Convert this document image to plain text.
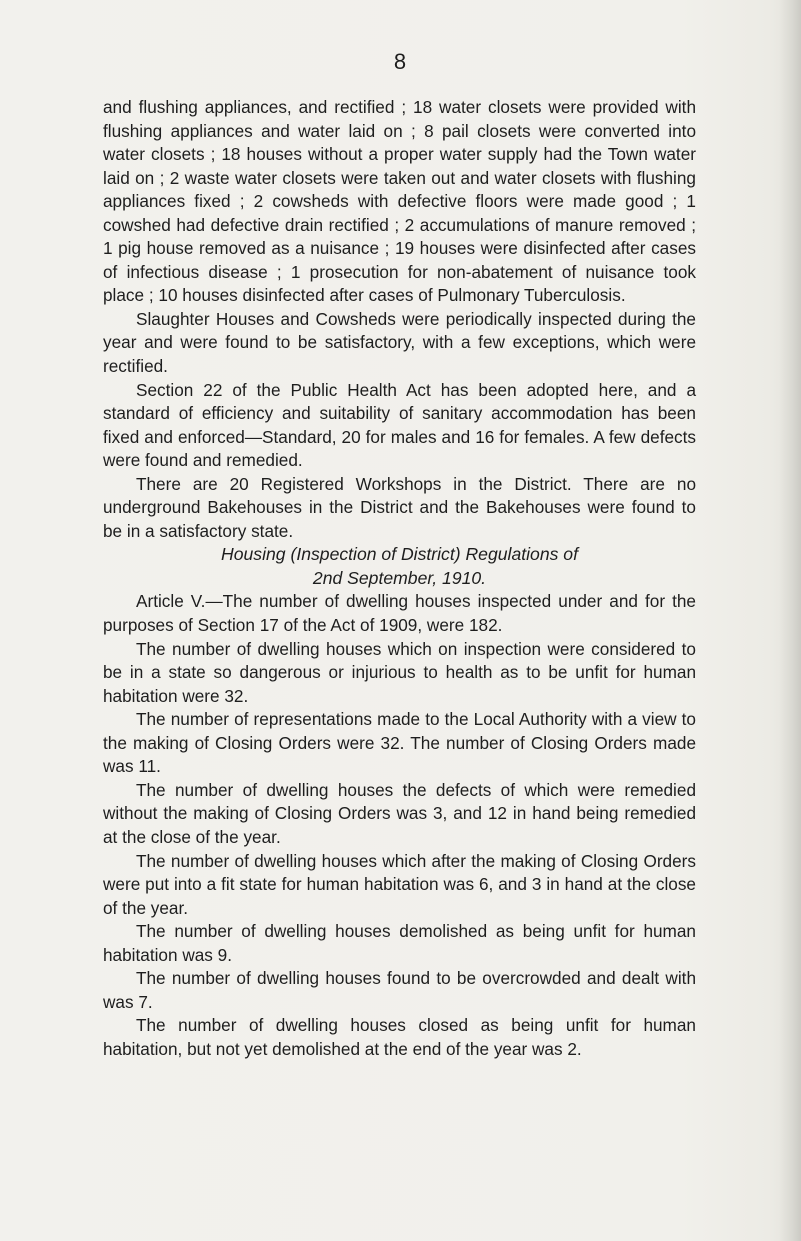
8

and flushing appliances, and rectified ; 18 water closets were provided with flushing appliances and water laid on ; 8 pail closets were converted into water closets ; 18 houses without a proper water supply had the Town water laid on ; 2 waste water closets were taken out and water closets with flushing appliances fixed ; 2 cowsheds with defective floors were made good ; 1 cowshed had defective drain rectified ; 2 accumulations of manure removed ; 1 pig house removed as a nuisance ; 19 houses were disinfected after cases of infectious disease ; 1 prosecution for non-abatement of nuisance took place ; 10 houses disinfected after cases of Pulmonary Tuberculosis.

Slaughter Houses and Cowsheds were periodically inspected during the year and were found to be satisfactory, with a few exceptions, which were rectified.

Section 22 of the Public Health Act has been adopted here, and a standard of efficiency and suitability of sanitary accommodation has been fixed and enforced—Standard, 20 for males and 16 for females. A few defects were found and remedied.

There are 20 Registered Workshops in the District. There are no underground Bakehouses in the District and the Bakehouses were found to be in a satisfactory state.

Housing (Inspection of District) Regulations of
2nd September, 1910.

Article V.—The number of dwelling houses inspected under and for the purposes of Section 17 of the Act of 1909, were 182.

The number of dwelling houses which on inspection were considered to be in a state so dangerous or injurious to health as to be unfit for human habitation were 32.

The number of representations made to the Local Authority with a view to the making of Closing Orders were 32. The number of Closing Orders made was 11.

The number of dwelling houses the defects of which were remedied without the making of Closing Orders was 3, and 12 in hand being remedied at the close of the year.

The number of dwelling houses which after the making of Closing Orders were put into a fit state for human habitation was 6, and 3 in hand at the close of the year.

The number of dwelling houses demolished as being unfit for human habitation was 9.

The number of dwelling houses found to be overcrowded and dealt with was 7.

The number of dwelling houses closed as being unfit for human habitation, but not yet demolished at the end of the year was 2.
